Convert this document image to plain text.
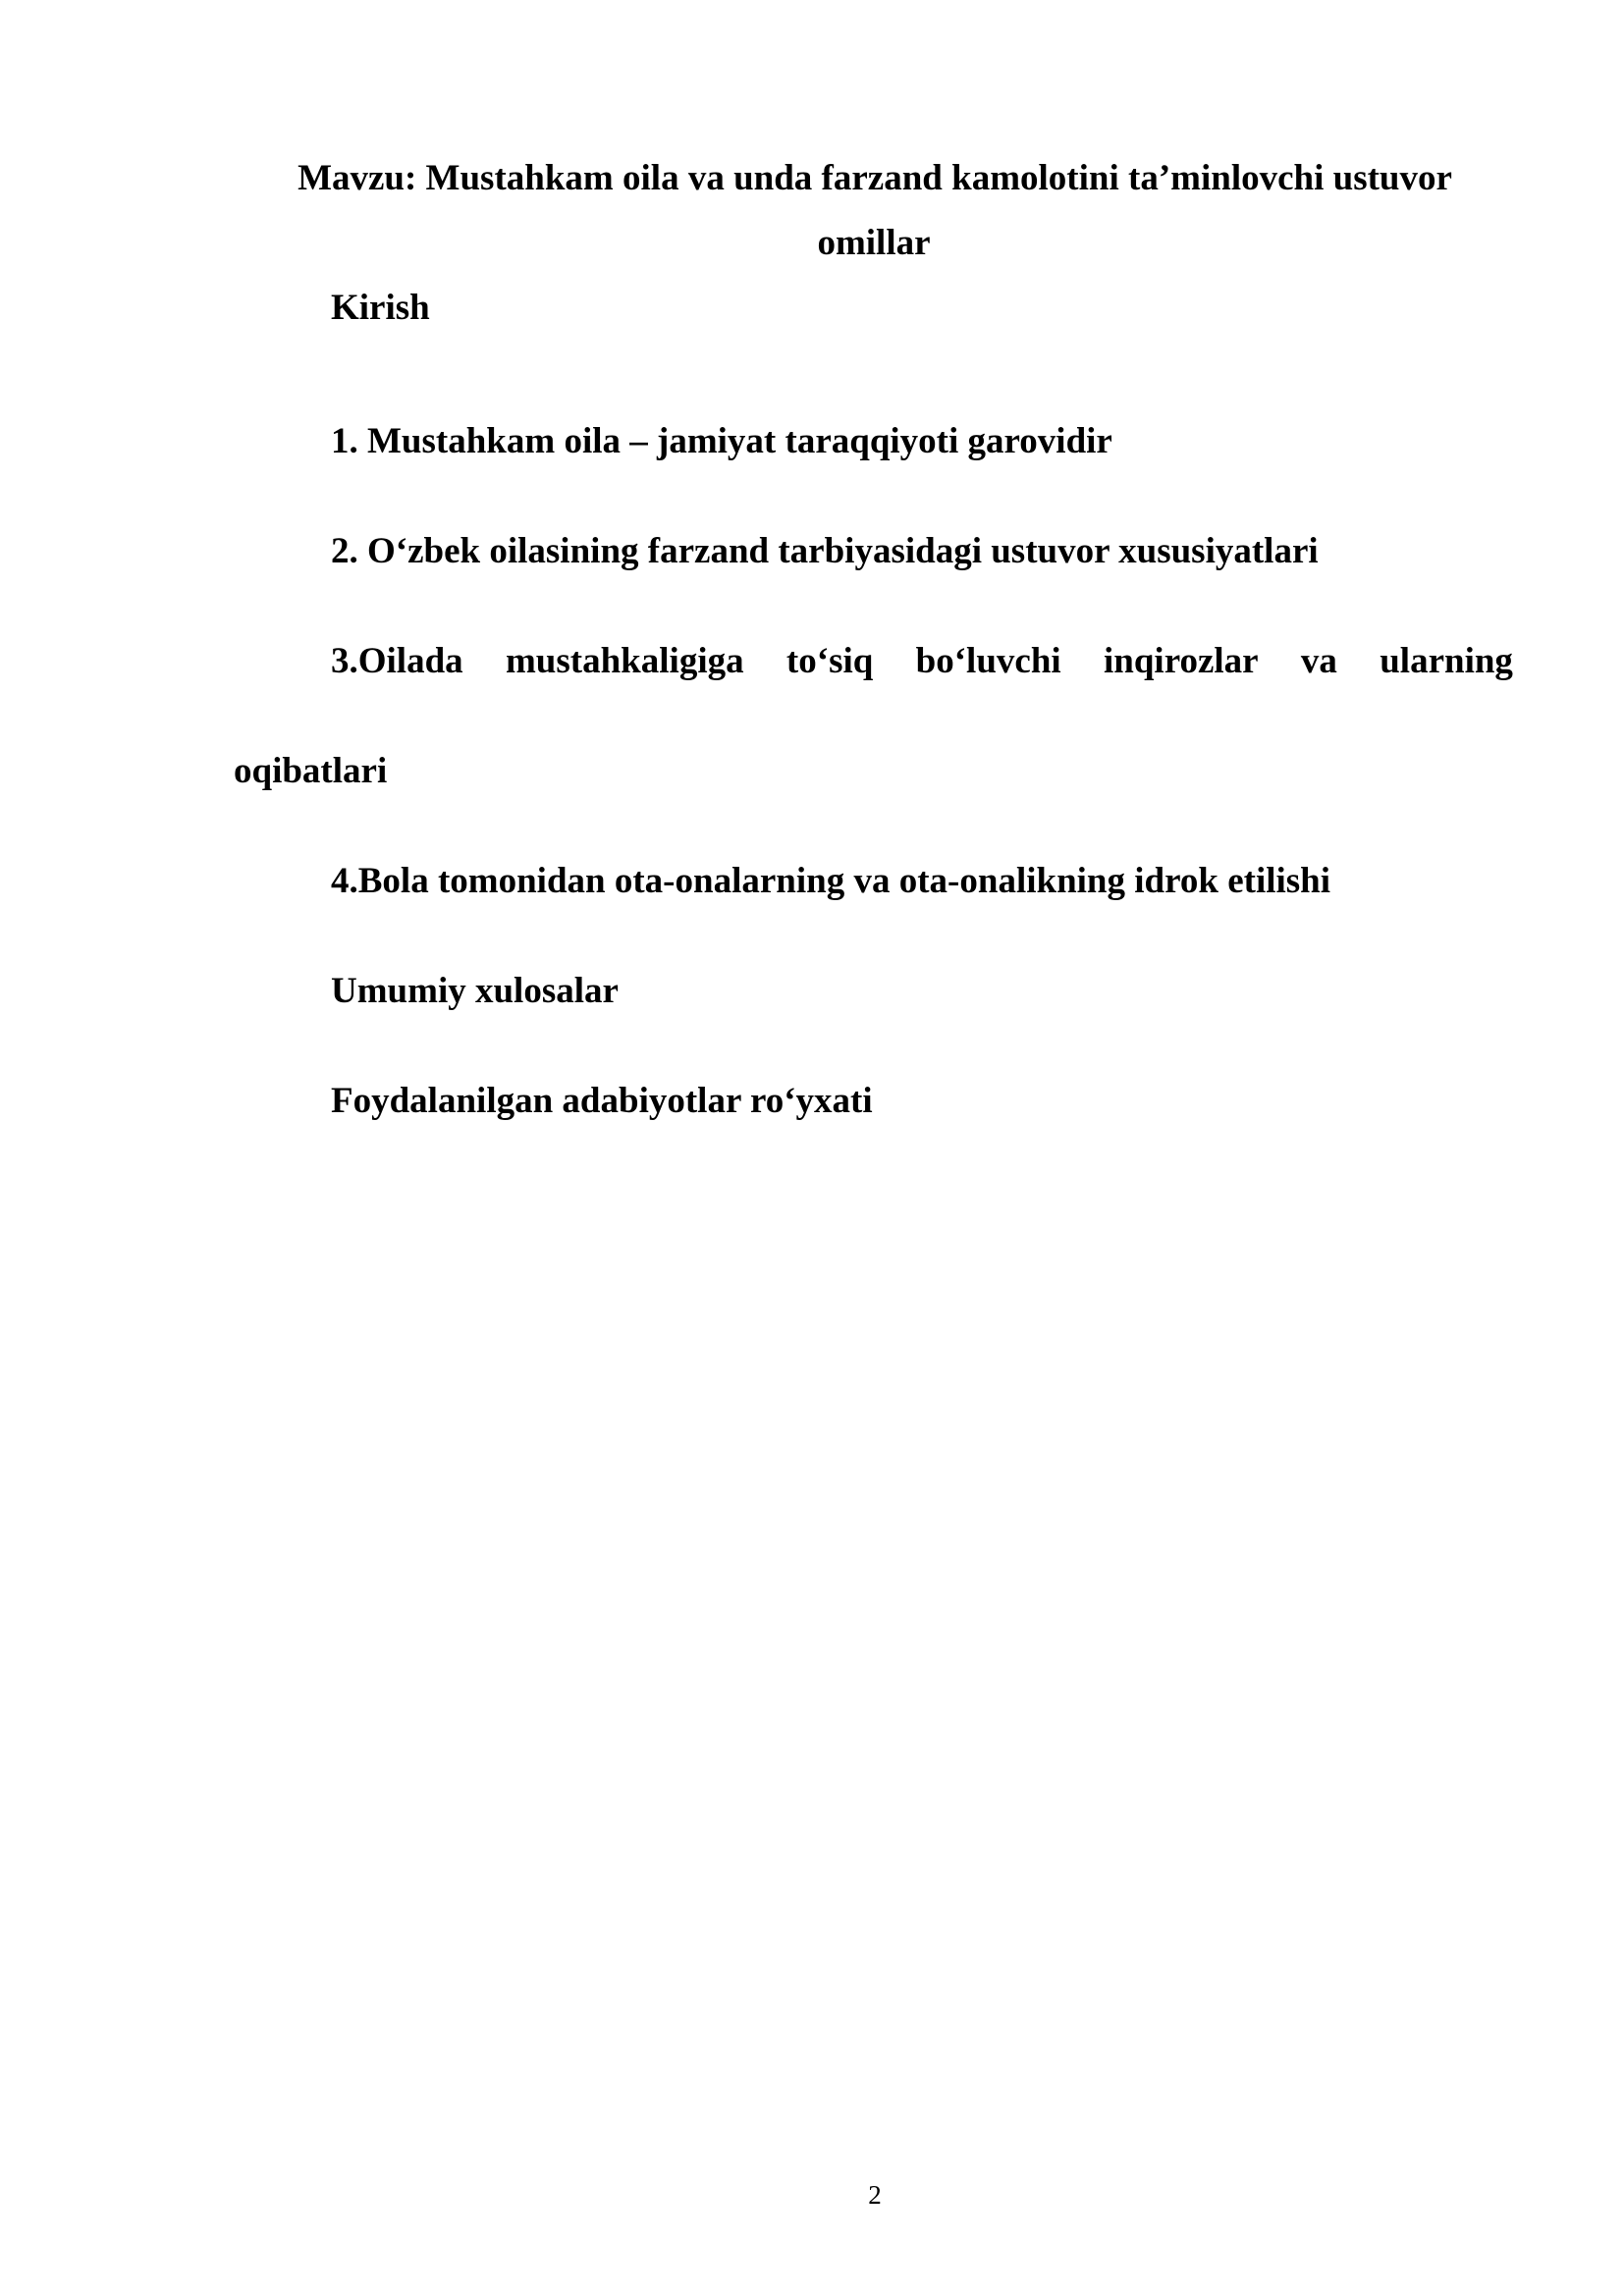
Mavzu: Mustahkam oila va unda farzand kamolotini ta’minlovchi ustuvor
omillar
Kirish
1. Mustahkam oila – jamiyat taraqqiyoti garovidir
2. O‘zbek oilasining farzand tarbiyasidagi ustuvor xususiyatlari
3.Oilada mustahkaligiga to‘siq bo‘luvchi inqirozlar va ularning
oqibatlari
4.Bola tomonidan ota-onalarning va ota-onalikning idrok etilishi
Umumiy xulosalar
Foydalanilgan adabiyotlar ro‘yxati
2
